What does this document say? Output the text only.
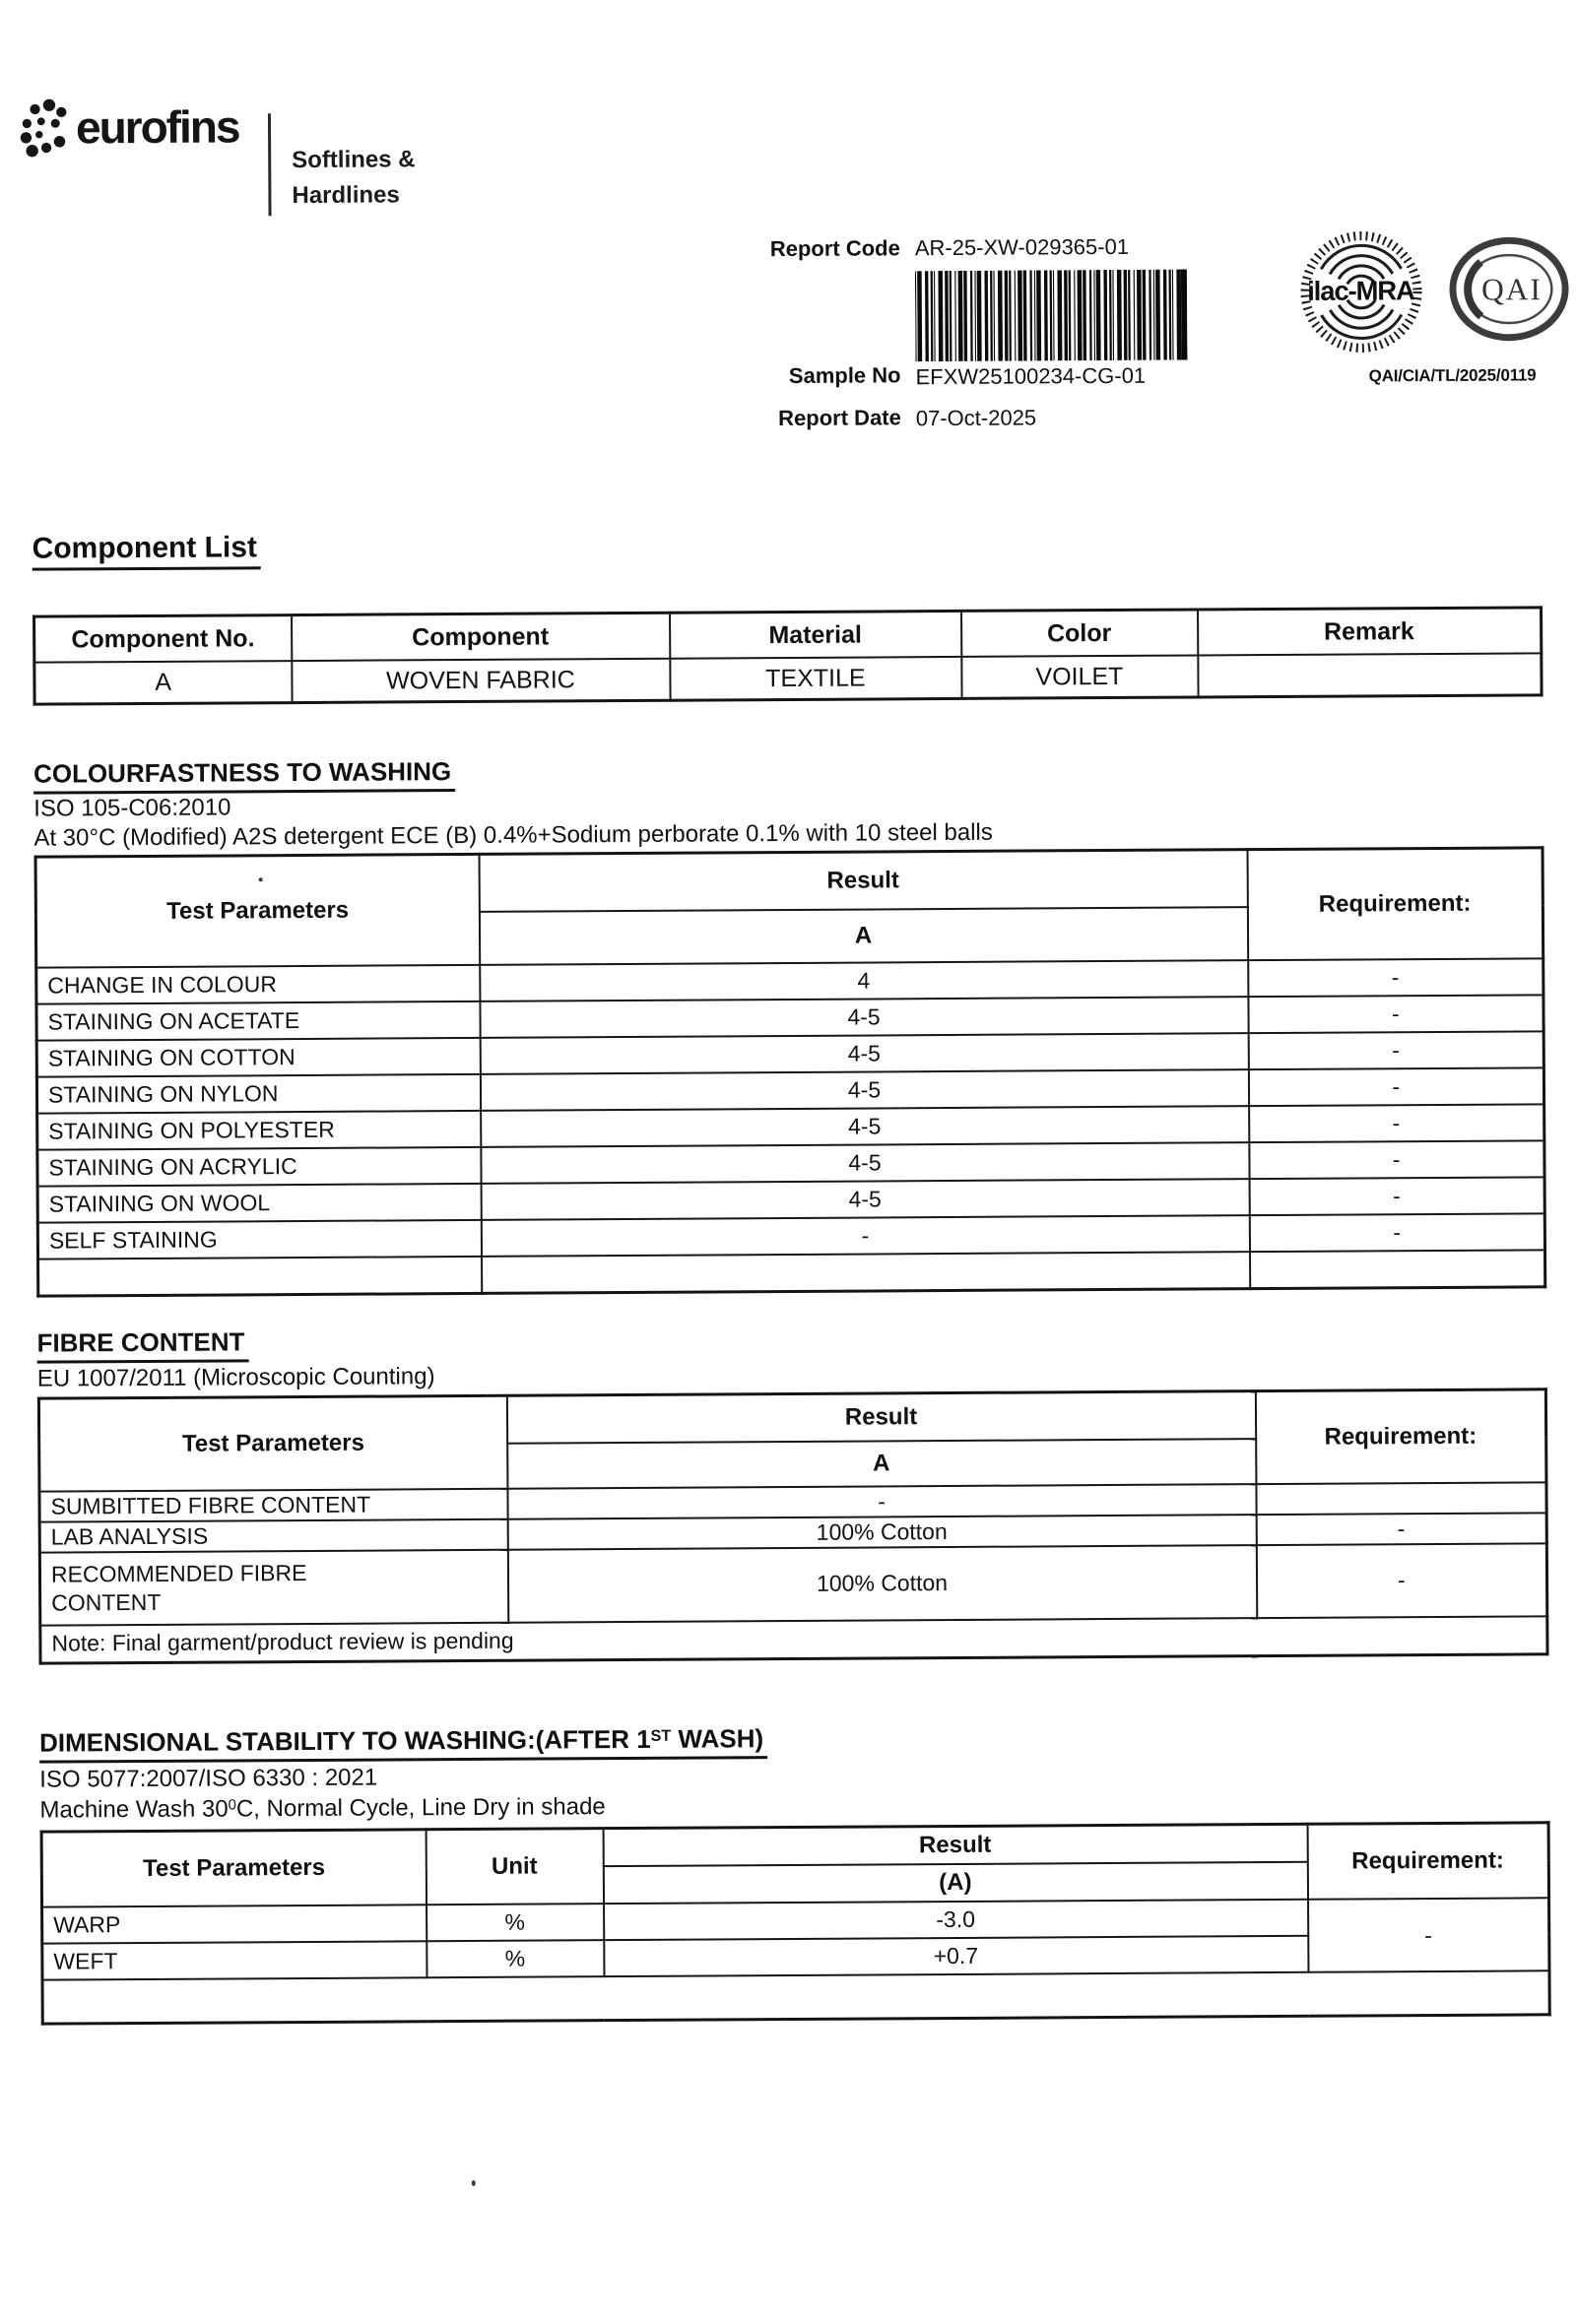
eurofins
Softlines &
Hardlines
Report Code AR-25-XW-029365-01
Sample No EFXW25100234-CG-01
Report Date 07-Oct-2025
ilac-MRA QAI
QAI/CIA/TL/2025/0119
Component List
Component No.	Component	Material	Color	Remark
A	WOVEN FABRIC	TEXTILE	VOILET	
COLOURFASTNESS TO WASHING
ISO 105-C06:2010
At 30°C (Modified) A2S detergent ECE (B) 0.4%+Sodium perborate 0.1% with 10 steel balls
Test Parameters	Result	Requirement:
	A	
CHANGE IN COLOUR	4	-
STAINING ON ACETATE	4-5	-
STAINING ON COTTON	4-5	-
STAINING ON NYLON	4-5	-
STAINING ON POLYESTER	4-5	-
STAINING ON ACRYLIC	4-5	-
STAINING ON WOOL	4-5	-
SELF STAINING	-	-

FIBRE CONTENT
EU 1007/2011 (Microscopic Counting)
Test Parameters	Result	Requirement:
	A	
SUMBITTED FIBRE CONTENT	-	
LAB ANALYSIS	100% Cotton	-
RECOMMENDED FIBRE
CONTENT	100% Cotton	-
Note: Final garment/product review is pending		
DIMENSIONAL STABILITY TO WASHING:(AFTER 1ST WASH)
ISO 5077:2007/ISO 6330 : 2021
Machine Wash $30^0C$, Normal Cycle, Line Dry in shade
Test Parameters	Unit	Result	Requirement:
		(A)	
WARP	%	-3.0	-
WEFT	%	+0.7	
